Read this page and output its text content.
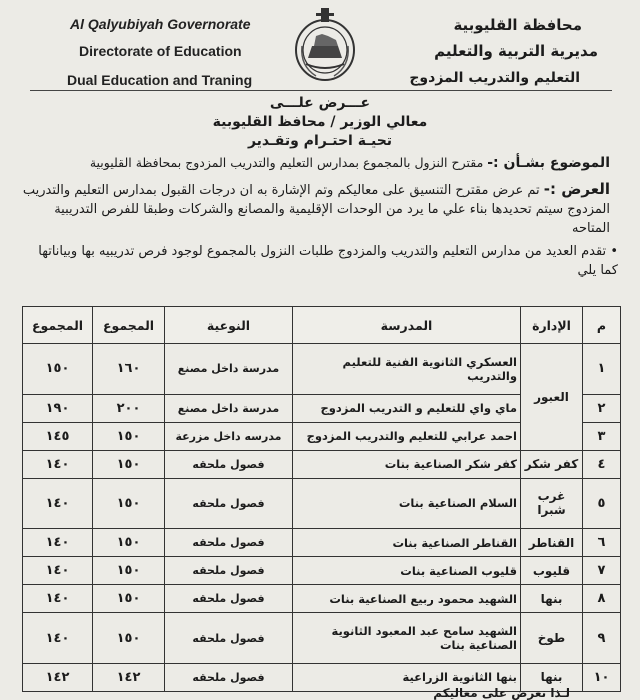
Al Qalyubiyah Governorate
Directorate of Education
Dual Education and Traning
محافظة القليوبية
مديرية التربية والتعليم
التعليم والتدريب المزدوج
عـــرض علـــى
معالي الوزير / محافظ القليوبية
تحيـة احتـرام وتقـدير
الموضوع بشـأن :- مقترح النزول بالمجموع بمدارس التعليم والتدريب المزدوج بمحافظة القليوبية
العرض :- تم عرض مقترح التنسيق على معاليكم وتم الإشارة به ان درجات القبول بمدارس التعليم والتدريب المزدوج سيتم تحديدها بناء علي ما يرد من الوحدات الإقليمية والمصانع والشركات وطبقا للفرص التدريبية المتاحه
• تقدم العديد من مدارس التعليم والتدريب والمزدوج طلبات النزول بالمجموع لوجود فرص تدريبيه بها وبياناتها كما يلي
م	الإدارة	المدرسة	النوعية	المجموع	المجموع
١	العبور	العسكري الثانوية الفنية للتعليم والتدريب	مدرسة داخل مصنع	١٦٠	١٥٠
٢		ماي واي للتعليم و التدريب المزدوج	مدرسة داخل مصنع	٢٠٠	١٩٠
٣		احمد عرابي للتعليم والتدريب المزدوج	مدرسه داخل مزرعة	١٥٠	١٤٥
٤	كفر شكر	كفر شكر الصناعية بنات	فصول ملحقه	١٥٠	١٤٠
٥	غرب شبرا	السلام الصناعية بنات	فصول ملحقه	١٥٠	١٤٠
٦	القناطر	القناطر الصناعية بنات	فصول ملحقه	١٥٠	١٤٠
٧	قليوب	قليوب الصناعية بنات	فصول ملحقه	١٥٠	١٤٠
٨	بنها	الشهيد محمود ربيع الصناعية بنات	فصول ملحقه	١٥٠	١٤٠
٩	طوخ	الشهيد سامح عبد المعبود الثانوية الصناعية بنات	فصول ملحقه	١٥٠	١٤٠
١٠	بنها	بنها الثانوية الزراعية	فصول ملحقه	١٤٢	١٤٢
لـذا نعرض على معاليكم
